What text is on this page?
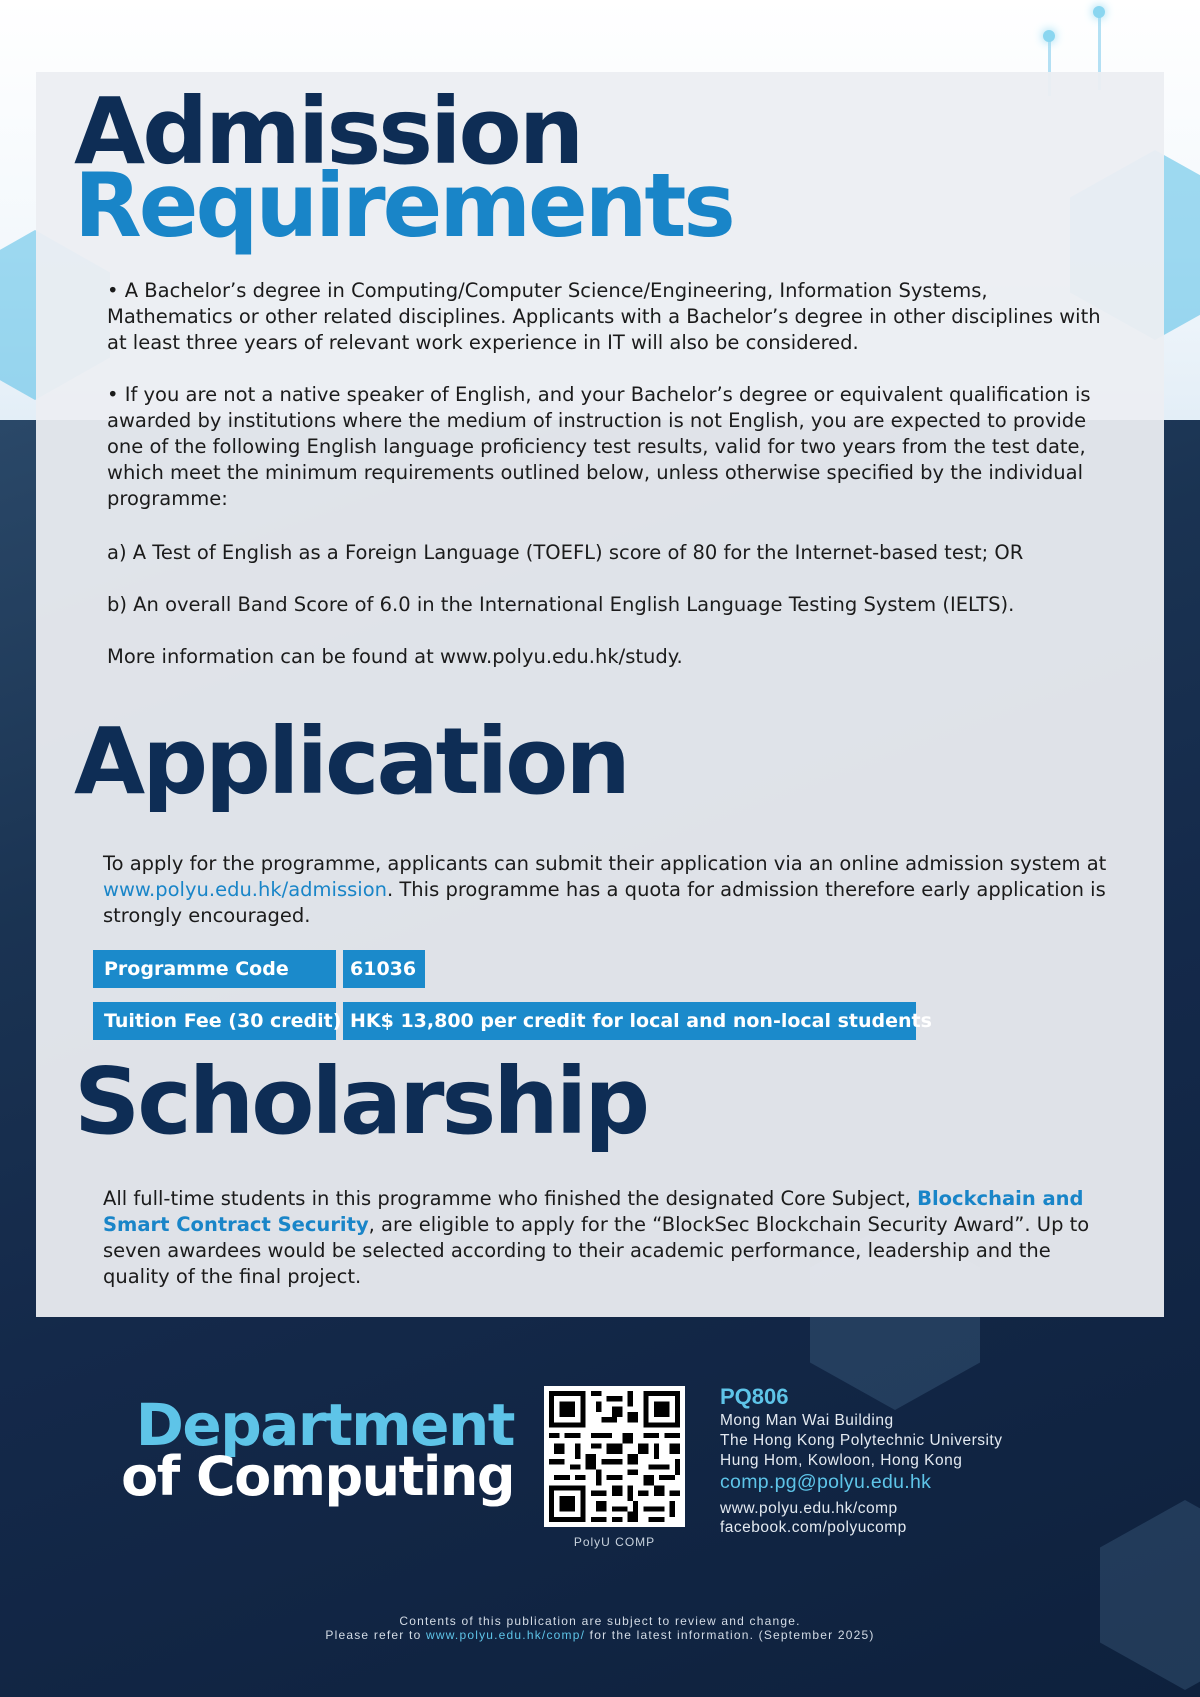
Admission
Requirements
• A Bachelor’s degree in Computing/Computer Science/Engineering, Information Systems, Mathematics or other related disciplines. Applicants with a Bachelor’s degree in other disciplines with at least three years of relevant work experience in IT will also be considered.
• If you are not a native speaker of English, and your Bachelor’s degree or equivalent qualification is awarded by institutions where the medium of instruction is not English, you are expected to provide one of the following English language proficiency test results, valid for two years from the test date, which meet the minimum requirements outlined below, unless otherwise specified by the individual programme:
a) A Test of English as a Foreign Language (TOEFL) score of 80 for the Internet-based test; OR
b) An overall Band Score of 6.0 in the International English Language Testing System (IELTS).
More information can be found at www.polyu.edu.hk/study.
Application
To apply for the programme, applicants can submit their application via an online admission system at www.polyu.edu.hk/admission. This programme has a quota for admission therefore early application is strongly encouraged.
Programme Code	61036
Tuition Fee (30 credit) HK$ 13,800 per credit for local and non-local students
Scholarship
All full-time students in this programme who finished the designated Core Subject, Blockchain and Smart Contract Security, are eligible to apply for the “BlockSec Blockchain Security Award”. Up to seven awardees would be selected according to their academic performance, leadership and the quality of the final project.
Department
of Computing
PolyU COMP
PQ806
Mong Man Wai Building
The Hong Kong Polytechnic University
Hung Hom, Kowloon, Hong Kong
comp.pg@polyu.edu.hk
www.polyu.edu.hk/comp
facebook.com/polyucomp
Contents of this publication are subject to review and change.
Please refer to www.polyu.edu.hk/comp/ for the latest information. (September 2025)
